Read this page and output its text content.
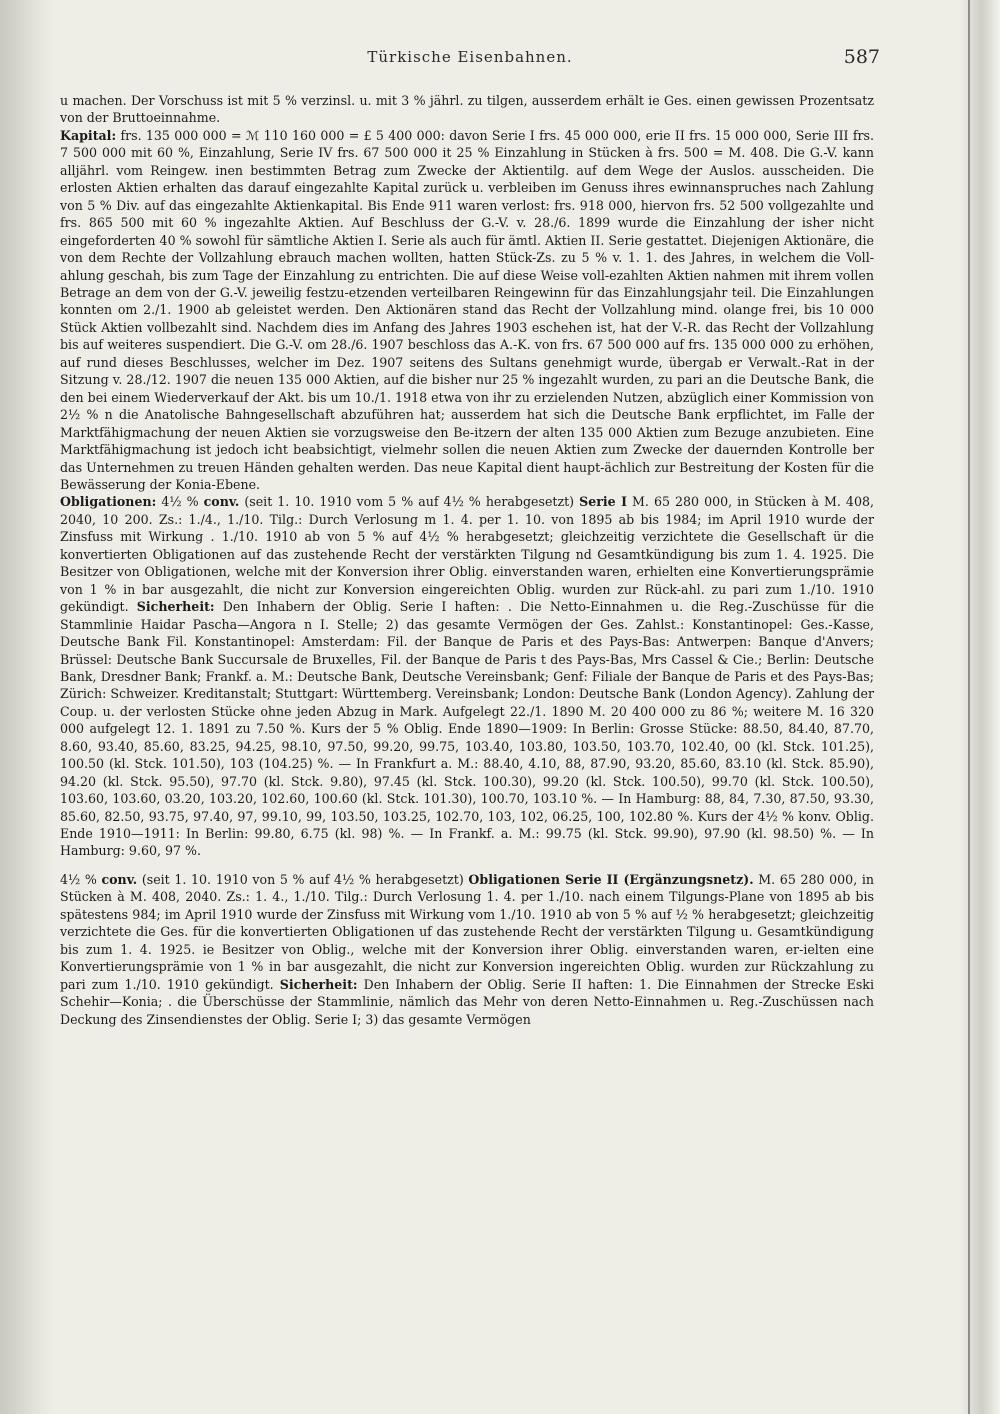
Türkische Eisenbahnen.	587

u machen. Der Vorschuss ist mit 5 % verzinsl. u. mit 3 % jährl. zu tilgen, ausserdem erhält ie Ges. einen gewissen Prozentsatz von der Bruttoeinnahme.

Kapital: frs. 135 000 000 = ℳ 110 160 000 = £ 5 400 000: davon Serie I frs. 45 000 000, erie II frs. 15 000 000, Serie III frs. 7 500 000 mit 60 %, Einzahlung, Serie IV frs. 67 500 000 it 25 % Einzahlung in Stücken à frs. 500 = M. 408. Die G.-V. kann alljährl. vom Reingew. inen bestimmten Betrag zum Zwecke der Aktientilg. auf dem Wege der Auslos. ausscheiden. Die erlosten Aktien erhalten das darauf eingezahlte Kapital zurück u. verbleiben im Genuss ihres ewinnanspruches nach Zahlung von 5 % Div. auf das eingezahlte Aktienkapital. Bis Ende 911 waren verlost: frs. 918 000, hiervon frs. 52 500 vollgezahlte und frs. 865 500 mit 60 % ingezahlte Aktien. Auf Beschluss der G.-V. v. 28./6. 1899 wurde die Einzahlung der isher nicht eingeforderten 40 % sowohl für sämtliche Aktien I. Serie als auch für ämtl. Aktien II. Serie gestattet. Diejenigen Aktionäre, die von dem Rechte der Vollzahlung ebrauch machen wollten, hatten Stück-Zs. zu 5 % v. 1. 1. des Jahres, in welchem die Voll-ahlung geschah, bis zum Tage der Einzahlung zu entrichten. Die auf diese Weise voll-ezahlten Aktien nahmen mit ihrem vollen Betrage an dem von der G.-V. jeweilig festzu-etzenden verteilbaren Reingewinn für das Einzahlungsjahr teil. Die Einzahlungen konnten om 2./1. 1900 ab geleistet werden. Den Aktionären stand das Recht der Vollzahlung mind. olange frei, bis 10 000 Stück Aktien vollbezahlt sind. Nachdem dies im Anfang des Jahres 1903 eschehen ist, hat der V.-R. das Recht der Vollzahlung bis auf weiteres suspendiert. Die G.-V. om 28./6. 1907 beschloss das A.-K. von frs. 67 500 000 auf frs. 135 000 000 zu erhöhen, auf rund dieses Beschlusses, welcher im Dez. 1907 seitens des Sultans genehmigt wurde, übergab er Verwalt.-Rat in der Sitzung v. 28./12. 1907 die neuen 135 000 Aktien, auf die bisher nur 25 % ingezahlt wurden, zu pari an die Deutsche Bank, die den bei einem Wiederverkauf der Akt. bis um 10./1. 1918 etwa von ihr zu erzielenden Nutzen, abzüglich einer Kommission von 2½ % n die Anatolische Bahngesellschaft abzuführen hat; ausserdem hat sich die Deutsche Bank erpflichtet, im Falle der Marktfähigmachung der neuen Aktien sie vorzugsweise den Be-itzern der alten 135 000 Aktien zum Bezuge anzubieten. Eine Marktfähigmachung ist jedoch icht beabsichtigt, vielmehr sollen die neuen Aktien zum Zwecke der dauernden Kontrolle ber das Unternehmen zu treuen Händen gehalten werden. Das neue Kapital dient haupt-ächlich zur Bestreitung der Kosten für die Bewässerung der Konia-Ebene.

Obligationen: 4½ % conv. (seit 1. 10. 1910 vom 5 % auf 4½ % herabgesetzt) Serie I M. 65 280 000, in Stücken à M. 408, 2040, 10 200. Zs.: 1./4., 1./10. Tilg.: Durch Verlosung m 1. 4. per 1. 10. von 1895 ab bis 1984; im April 1910 wurde der Zinsfuss mit Wirkung . 1./10. 1910 ab von 5 % auf 4½ % herabgesetzt; gleichzeitig verzichtete die Gesellschaft ür die konvertierten Obligationen auf das zustehende Recht der verstärkten Tilgung nd Gesamtkündigung bis zum 1. 4. 1925. Die Besitzer von Obligationen, welche mit der Konversion ihrer Oblig. einverstanden waren, erhielten eine Konvertierungsprämie von 1 % in bar ausgezahlt, die nicht zur Konversion eingereichten Oblig. wurden zur Rück-ahl. zu pari zum 1./10. 1910 gekündigt. Sicherheit: Den Inhabern der Oblig. Serie I haften: . Die Netto-Einnahmen u. die Reg.-Zuschüsse für die Stammlinie Haidar Pascha—Angora n I. Stelle; 2) das gesamte Vermögen der Ges. Zahlst.: Konstantinopel: Ges.-Kasse, Deutsche Bank Fil. Konstantinopel: Amsterdam: Fil. der Banque de Paris et des Pays-Bas: Antwerpen: Banque d'Anvers; Brüssel: Deutsche Bank Succursale de Bruxelles, Fil. der Banque de Paris t des Pays-Bas, Mrs Cassel & Cie.; Berlin: Deutsche Bank, Dresdner Bank; Frankf. a. M.: Deutsche Bank, Deutsche Vereinsbank; Genf: Filiale der Banque de Paris et des Pays-Bas; Zürich: Schweizer. Kreditanstalt; Stuttgart: Württemberg. Vereinsbank; London: Deutsche Bank (London Agency). Zahlung der Coup. u. der verlosten Stücke ohne jeden Abzug in Mark. Aufgelegt 22./1. 1890 M. 20 400 000 zu 86 %; weitere M. 16 320 000 aufgelegt 12. 1. 1891 zu 7.50 %. Kurs der 5 % Oblig. Ende 1890—1909: In Berlin: Grosse Stücke: 88.50, 84.40, 87.70, 8.60, 93.40, 85.60, 83.25, 94.25, 98.10, 97.50, 99.20, 99.75, 103.40, 103.80, 103.50, 103.70, 102.40, 00 (kl. Stck. 101.25), 100.50 (kl. Stck. 101.50), 103 (104.25) %. — In Frankfurt a. M.: 88.40, 4.10, 88, 87.90, 93.20, 85.60, 83.10 (kl. Stck. 85.90), 94.20 (kl. Stck. 95.50), 97.70 (kl. Stck. 9.80), 97.45 (kl. Stck. 100.30), 99.20 (kl. Stck. 100.50), 99.70 (kl. Stck. 100.50), 103.60, 103.60, 03.20, 103.20, 102.60, 100.60 (kl. Stck. 101.30), 100.70, 103.10 %. — In Hamburg: 88, 84, 7.30, 87.50, 93.30, 85.60, 82.50, 93.75, 97.40, 97, 99.10, 99, 103.50, 103.25, 102.70, 103, 102, 06.25, 100, 102.80 %. Kurs der 4½ % konv. Oblig. Ende 1910—1911: In Berlin: 99.80, 6.75 (kl. 98) %. — In Frankf. a. M.: 99.75 (kl. Stck. 99.90), 97.90 (kl. 98.50) %. — In Hamburg: 9.60, 97 %.

4½ % conv. (seit 1. 10. 1910 von 5 % auf 4½ % herabgesetzt) Obligationen Serie II (Ergänzungsnetz). M. 65 280 000, in Stücken à M. 408, 2040. Zs.: 1. 4., 1./10. Tilg.: Durch Verlosung 1. 4. per 1./10. nach einem Tilgungs-Plane von 1895 ab bis spätestens 984; im April 1910 wurde der Zinsfuss mit Wirkung vom 1./10. 1910 ab von 5 % auf ½ % herabgesetzt; gleichzeitig verzichtete die Ges. für die konvertierten Obligationen uf das zustehende Recht der verstärkten Tilgung u. Gesamtkündigung bis zum 1. 4. 1925. ie Besitzer von Oblig., welche mit der Konversion ihrer Oblig. einverstanden waren, er-ielten eine Konvertierungsprämie von 1 % in bar ausgezahlt, die nicht zur Konversion ingereichten Oblig. wurden zur Rückzahlung zu pari zum 1./10. 1910 gekündigt. Sicherheit: Den Inhabern der Oblig. Serie II haften: 1. Die Einnahmen der Strecke Eski Schehir—Konia; . die Überschüsse der Stammlinie, nämlich das Mehr von deren Netto-Einnahmen u. Reg.-Zuschüssen nach Deckung des Zinsendienstes der Oblig. Serie I; 3) das gesamte Vermögen
